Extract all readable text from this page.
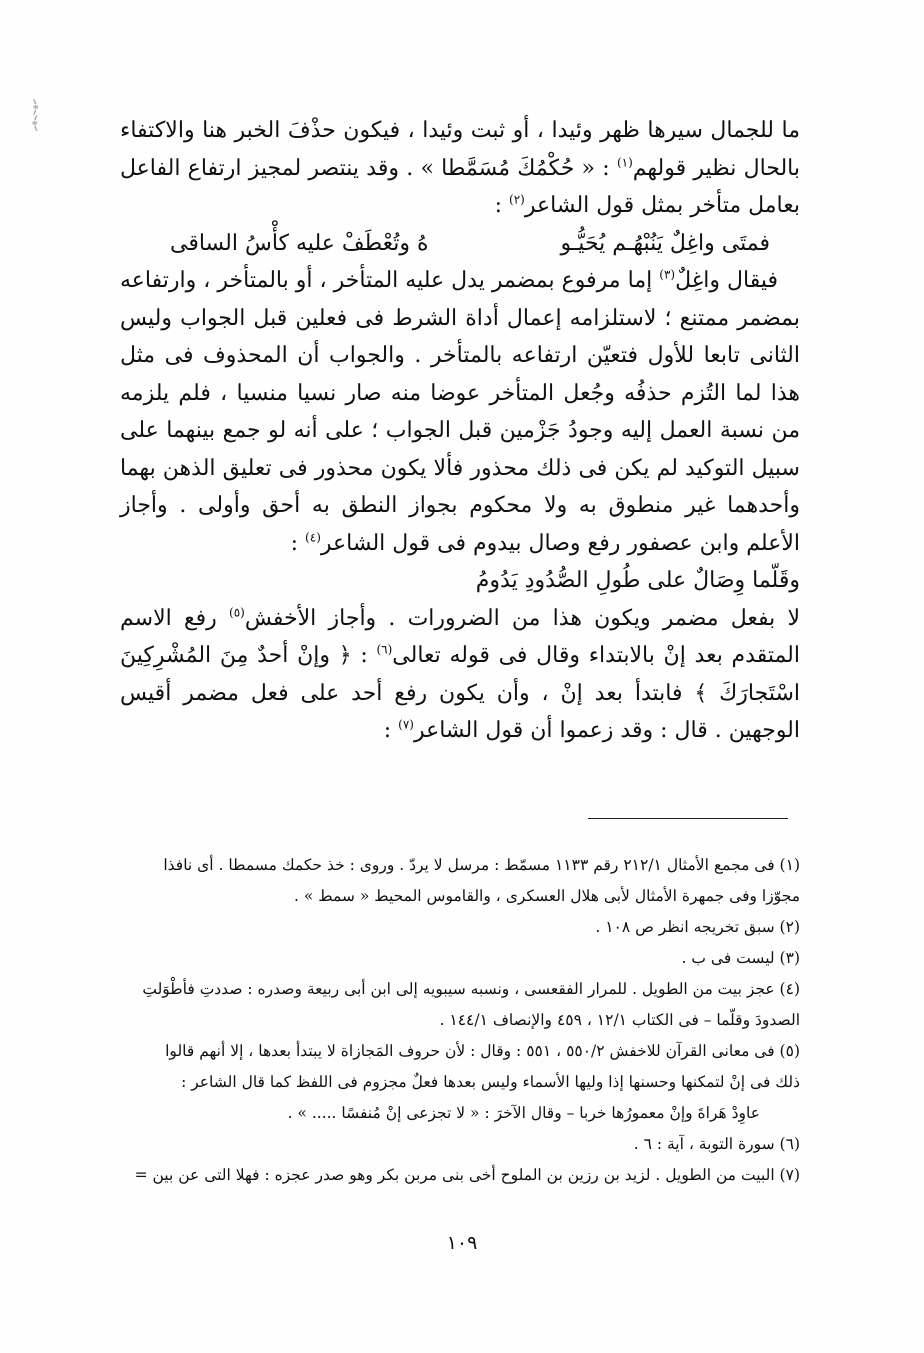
﴿
﴾	ما للجمال سيرها ظهر وئيدا ، أو ثبت وئيدا ، فيكون حذْفَ الخبر هنا والاكتفاء بالحال نظير قولهم$^{(١)}$ : « حُكْمُكَ مُسَمَّطا » . وقد ينتصر لمجيز ارتفاع الفاعل بعامل متأخر بمثل قول الشاعر$^{(٢)}$ :

فمتَى واغِلٌ يَنُبْهُـم يُحَيُّـو
هُ وتُعْطَفْ عليه كأْسُ الساقى

 فيقال واغِلٌ$^{(٣)}$ إما مرفوع بمضمر يدل عليه المتأخر ، أو بالمتأخر ، وارتفاعه بمضمر ممتنع ؛ لاستلزامه إعمال أداة الشرط فى فعلين قبل الجواب وليس الثانى تابعا للأول فتعيّن ارتفاعه بالمتأخر . والجواب أن المحذوف فى مثل هذا لما التُزم حذفُه وجُعل المتأخر عوضا منه صار نسيا منسيا ، فلم يلزمه من نسبة العمل إليه وجودُ جَزْمين قبل الجواب ؛ على أنه لو جمع بينهما على سبيل التوكيد لم يكن فى ذلك محذور فألا يكون محذور فى تعليق الذهن بهما وأحدهما غير منطوق به ولا محكوم بجواز النطق به أحق وأولى . وأجاز الأعلم وابن عصفور رفع وصال بيدوم فى قول الشاعر$^{(٤)}$ :

وقَلّما وِصَالٌ على طُولِ الصُّدُودِ يَدُومُ

لا بفعل مضمر ويكون هذا من الضرورات . وأجاز الأخفش$^{(٥)}$ رفع الاسم المتقدم بعد إنْ بالابتداء وقال فى قوله تعالى$^{(٦)}$ : ﴿ وإنْ أحدٌ مِنَ المُشْرِكِينَ اسْتَجارَكَ ﴾ فابتدأ بعد إنْ ، وأن يكون رفع أحد على فعل مضمر أقيس الوجهين . قال : وقد زعموا أن قول الشاعر$^{(٧)}$ :

(١) فى مجمع الأمثال ٢١٢/١ رقم ١١٣٣ مسمّط : مرسل لا يردّ . وروى : خذ حكمك مسمطا . أى نافذا

مجوّزا وفى جمهرة الأمثال لأبى هلال العسكرى ، والقاموس المحيط « سمط » .

(٢) سبق تخريجه انظر ص ١٠٨ .

(٣) ليست فى ب .

(٤) عجز بيت من الطويل . للمرار الفقعسى ، ونسبه سيبويه إلى ابن أبى ربيعة وصدره : صددتِ فأطْوَلتِ

الصدودَ وقلّما – فى الكتاب ١٢/١ ، ٤٥٩ والإنصاف ١٤٤/١ .

(٥) فى معانى القرآن للاخفش ٥٥٠/٢ ، ٥٥١ : وقال : لأن حروف المَجازاة لا يبتدأ بعدها ، إلا أنهم قالوا

ذلك فى إنْ لتمكنها وحسنها إذا وليها الأسماء وليس بعدها فعلٌ مجزوم فى اللفظ كما قال الشاعر :

عاوِدْ هَراةَ وإنْ معمورُها خربا – وقال الآخرَ : « لا تجزعى إنْ مُنفسًا ..... » .

(٦) سورة التوبة ، آية : ٦ .

(٧) البيت من الطويل . لزيد بن رزين بن الملوح أخى بنى مربن بكر وهو صدر عجزه : فهلا التى عن بين =

١٠٩
